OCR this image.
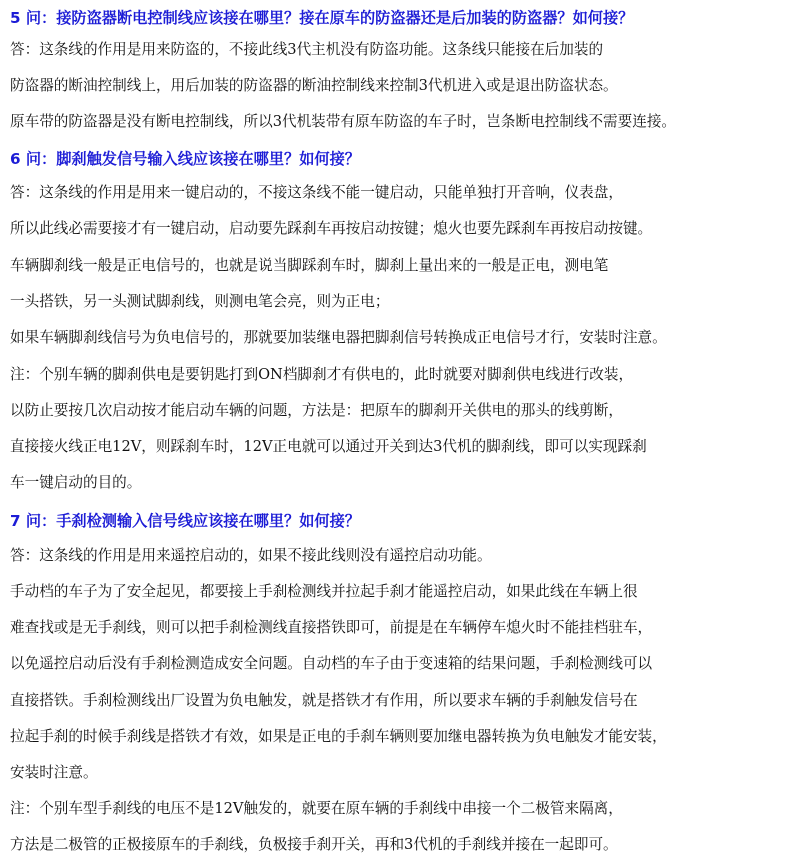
5 问：接防盗器断电控制线应该接在哪里？接在原车的防盗器还是后加装的防盗器？如何接？
答：这条线的作用是用来防盗的，不接此线3代主机没有防盗功能。这条线只能接在后加装的
防盗器的断油控制线上，用后加装的防盗器的断油控制线来控制3代机进入或是退出防盗状态。
原车带的防盗器是没有断电控制线，所以3代机装带有原车防盗的车子时，岂条断电控制线不需要连接。
6 问：脚刹触发信号输入线应该接在哪里？如何接？
答：这条线的作用是用来一键启动的，不接这条线不能一键启动，只能单独打开音响，仪表盘，
所以此线必需要接才有一键启动，启动要先踩刹车再按启动按键；熄火也要先踩刹车再按启动按键。
车辆脚刹线一般是正电信号的，也就是说当脚踩刹车时，脚刹上量出来的一般是正电，测电笔
一头搭铁，另一头测试脚刹线，则测电笔会亮，则为正电；
如果车辆脚刹线信号为负电信号的，那就要加装继电器把脚刹信号转换成正电信号才行，安装时注意。
注：个别车辆的脚刹供电是要钥匙打到ON档脚刹才有供电的，此时就要对脚刹供电线进行改装，
以防止要按几次启动按才能启动车辆的问题，方法是：把原车的脚刹开关供电的那头的线剪断，
直接接火线正电12V，则踩刹车时，12V正电就可以通过开关到达3代机的脚刹线，即可以实现踩刹
车一键启动的目的。
7 问：手刹检测输入信号线应该接在哪里？如何接？
答：这条线的作用是用来遥控启动的，如果不接此线则没有遥控启动功能。
手动档的车子为了安全起见，都要接上手刹检测线并拉起手刹才能遥控启动，如果此线在车辆上很
难查找或是无手刹线，则可以把手刹检测线直接搭铁即可，前提是在车辆停车熄火时不能挂档驻车，
以免遥控启动后没有手刹检测造成安全问题。自动档的车子由于变速箱的结果问题，手刹检测线可以
直接搭铁。手刹检测线出厂设置为负电触发，就是搭铁才有作用，所以要求车辆的手刹触发信号在
拉起手刹的时候手刹线是搭铁才有效，如果是正电的手刹车辆则要加继电器转换为负电触发才能安装，
安装时注意。
注：个别车型手刹线的电压不是12V触发的，就要在原车辆的手刹线中串接一个二极管来隔离，
方法是二极管的正极接原车的手刹线，负极接手刹开关，再和3代机的手刹线并接在一起即可。
